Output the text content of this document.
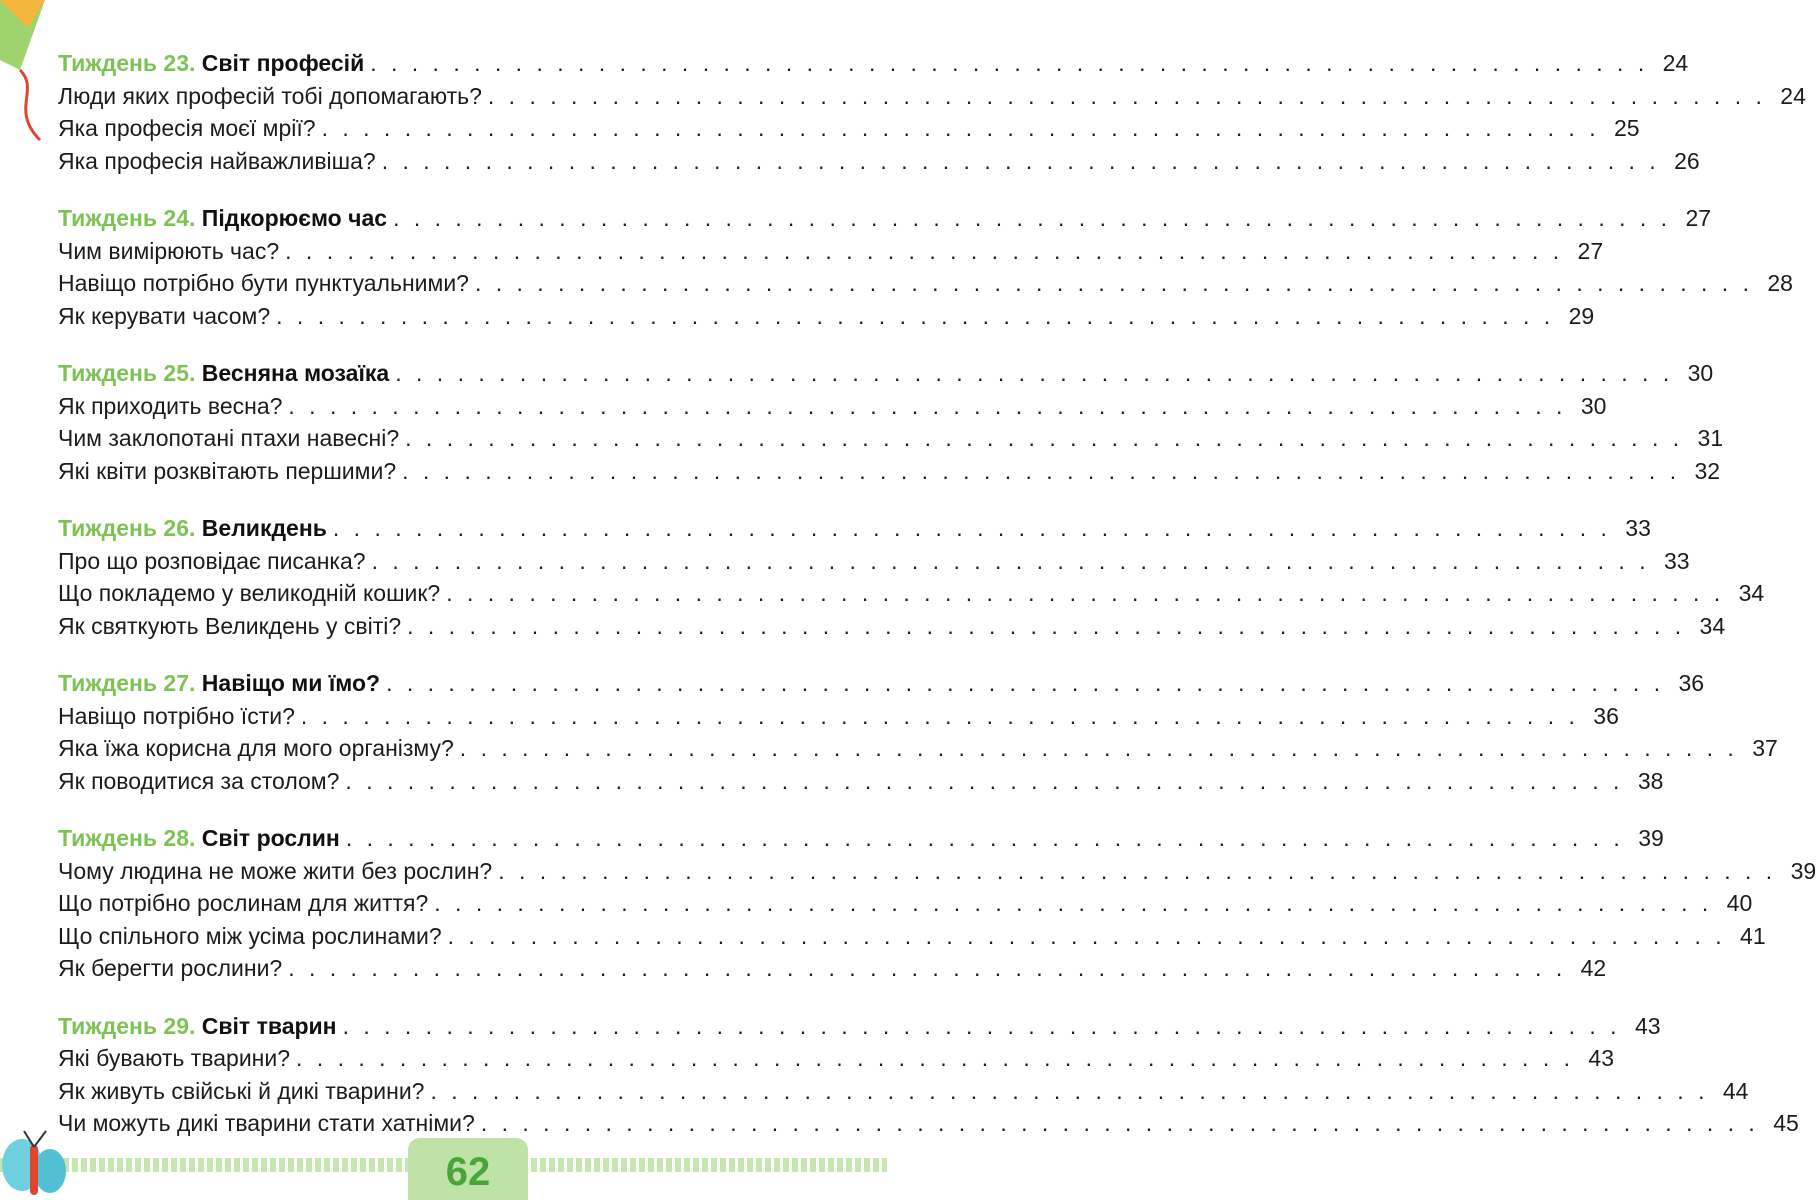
Тиждень 23. Світ професій . . . . . . . . . . . . . . . . . . . . . . . . . . . . . . . . . . . . . . . . . . . . . . . . . . . . . . . . . . . . . . 24
Люди яких професій тобі допомагають? . . . . . . . . . . . . . . . . . . . . . . . . . . . . . . . . . . . . . . . . . . . . . . . . . . . . . . . . . . . . . . 24
Яка професія моєї мрії? . . . . . . . . . . . . . . . . . . . . . . . . . . . . . . . . . . . . . . . . . . . . . . . . . . . . . . . . . . . . . . 25
Яка професія найважливіша? . . . . . . . . . . . . . . . . . . . . . . . . . . . . . . . . . . . . . . . . . . . . . . . . . . . . . . . . . . . . . . 26
Тиждень 24. Підкорюємо час . . . . . . . . . . . . . . . . . . . . . . . . . . . . . . . . . . . . . . . . . . . . . . . . . . . . . . . . . . . . . . 27
Чим вимірюють час? . . . . . . . . . . . . . . . . . . . . . . . . . . . . . . . . . . . . . . . . . . . . . . . . . . . . . . . . . . . . . . 27
Навіщо потрібно бути пунктуальними? . . . . . . . . . . . . . . . . . . . . . . . . . . . . . . . . . . . . . . . . . . . . . . . . . . . . . . . . . . . . . . 28
Як керувати часом? . . . . . . . . . . . . . . . . . . . . . . . . . . . . . . . . . . . . . . . . . . . . . . . . . . . . . . . . . . . . . . 29
Тиждень 25. Весняна мозаїка . . . . . . . . . . . . . . . . . . . . . . . . . . . . . . . . . . . . . . . . . . . . . . . . . . . . . . . . . . . . . . 30
Як приходить весна? . . . . . . . . . . . . . . . . . . . . . . . . . . . . . . . . . . . . . . . . . . . . . . . . . . . . . . . . . . . . . . 30
Чим заклопотані птахи навесні? . . . . . . . . . . . . . . . . . . . . . . . . . . . . . . . . . . . . . . . . . . . . . . . . . . . . . . . . . . . . . . 31
Які квіти розквітають першими? . . . . . . . . . . . . . . . . . . . . . . . . . . . . . . . . . . . . . . . . . . . . . . . . . . . . . . . . . . . . . . 32
Тиждень 26. Великдень . . . . . . . . . . . . . . . . . . . . . . . . . . . . . . . . . . . . . . . . . . . . . . . . . . . . . . . . . . . . . . 33
Про що розповідає писанка? . . . . . . . . . . . . . . . . . . . . . . . . . . . . . . . . . . . . . . . . . . . . . . . . . . . . . . . . . . . . . . 33
Що покладемо у великодній кошик? . . . . . . . . . . . . . . . . . . . . . . . . . . . . . . . . . . . . . . . . . . . . . . . . . . . . . . . . . . . . . . 34
Як святкують Великдень у світі? . . . . . . . . . . . . . . . . . . . . . . . . . . . . . . . . . . . . . . . . . . . . . . . . . . . . . . . . . . . . . . 34
Тиждень 27. Навіщо ми їмо? . . . . . . . . . . . . . . . . . . . . . . . . . . . . . . . . . . . . . . . . . . . . . . . . . . . . . . . . . . . . . . 36
Навіщо потрібно їсти? . . . . . . . . . . . . . . . . . . . . . . . . . . . . . . . . . . . . . . . . . . . . . . . . . . . . . . . . . . . . . . 36
Яка їжа корисна для мого організму? . . . . . . . . . . . . . . . . . . . . . . . . . . . . . . . . . . . . . . . . . . . . . . . . . . . . . . . . . . . . . . 37
Як поводитися за столом? . . . . . . . . . . . . . . . . . . . . . . . . . . . . . . . . . . . . . . . . . . . . . . . . . . . . . . . . . . . . . . 38
Тиждень 28. Світ рослин . . . . . . . . . . . . . . . . . . . . . . . . . . . . . . . . . . . . . . . . . . . . . . . . . . . . . . . . . . . . . . 39
Чому людина не може жити без рослин? . . . . . . . . . . . . . . . . . . . . . . . . . . . . . . . . . . . . . . . . . . . . . . . . . . . . . . . . . . . . . . 39
Що потрібно рослинам для життя? . . . . . . . . . . . . . . . . . . . . . . . . . . . . . . . . . . . . . . . . . . . . . . . . . . . . . . . . . . . . . . 40
Що спільного між усіма рослинами? . . . . . . . . . . . . . . . . . . . . . . . . . . . . . . . . . . . . . . . . . . . . . . . . . . . . . . . . . . . . . . 41
Як берегти рослини? . . . . . . . . . . . . . . . . . . . . . . . . . . . . . . . . . . . . . . . . . . . . . . . . . . . . . . . . . . . . . . 42
Тиждень 29. Світ тварин . . . . . . . . . . . . . . . . . . . . . . . . . . . . . . . . . . . . . . . . . . . . . . . . . . . . . . . . . . . . . . 43
Які бувають тварини? . . . . . . . . . . . . . . . . . . . . . . . . . . . . . . . . . . . . . . . . . . . . . . . . . . . . . . . . . . . . . . 43
Як живуть свійські й дикі тварини? . . . . . . . . . . . . . . . . . . . . . . . . . . . . . . . . . . . . . . . . . . . . . . . . . . . . . . . . . . . . . . 44
Чи можуть дикі тварини стати хатніми? . . . . . . . . . . . . . . . . . . . . . . . . . . . . . . . . . . . . . . . . . . . . . . . . . . . . . . . . . . . . . . 45
62
